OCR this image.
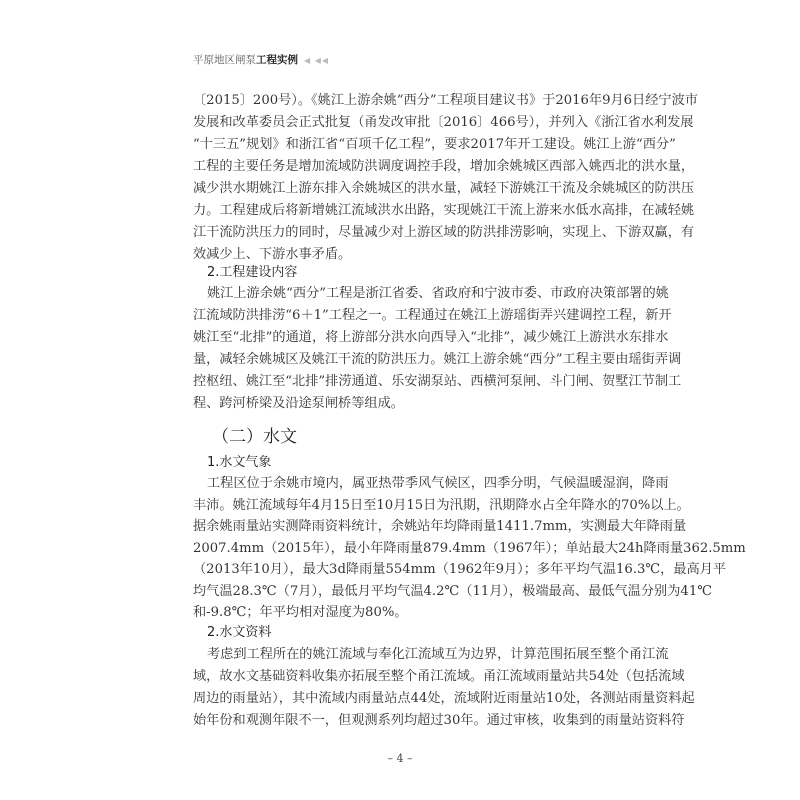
平原地区闸泵工程实例 ◀ ◀◀
〔2015〕200号）。《姚江上游余姚“西分”工程项目建议书》于2016年9月6日经宁波市
发展和改革委员会正式批复（甬发改审批〔2016〕466号），并列入《浙江省水利发展
“十三五”规划》和浙江省“百项千亿工程”，要求2017年开工建设。姚江上游“西分”
工程的主要任务是增加流域防洪调度调控手段，增加余姚城区西部入姚西北的洪水量，
减少洪水期姚江上游东排入余姚城区的洪水量，减轻下游姚江干流及余姚城区的防洪压
力。工程建成后将新增姚江流域洪水出路，实现姚江干流上游来水低水高排，在减轻姚
江干流防洪压力的同时，尽量减少对上游区域的防洪排涝影响，实现上、下游双赢，有
效减少上、下游水事矛盾。
2.工程建设内容
姚江上游余姚“西分”工程是浙江省委、省政府和宁波市委、市政府决策部署的姚
江流域防洪排涝“6＋1”工程之一。工程通过在姚江上游瑶街弄兴建调控工程，新开
姚江至“北排”的通道，将上游部分洪水向西导入“北排”，减少姚江上游洪水东排水
量，减轻余姚城区及姚江干流的防洪压力。姚江上游余姚“西分”工程主要由瑶街弄调
控枢纽、姚江至“北排”排涝通道、乐安湖泵站、西横河泵闸、斗门闸、贺墅江节制工
程、跨河桥梁及沿途泵闸桥等组成。
（二）水文
1.水文气象
工程区位于余姚市境内，属亚热带季风气候区，四季分明，气候温暖湿润，降雨
丰沛。姚江流域每年4月15日至10月15日为汛期，汛期降水占全年降水的70%以上。
据余姚雨量站实测降雨资料统计，余姚站年均降雨量1411.7mm，实测最大年降雨量
2007.4mm（2015年），最小年降雨量879.4mm（1967年）；单站最大24h降雨量362.5mm
（2013年10月），最大3d降雨量554mm（1962年9月）；多年平均气温16.3℃，最高月平
均气温28.3℃（7月），最低月平均气温4.2℃（11月），极端最高、最低气温分别为41℃
和-9.8℃；年平均相对湿度为80%。
2.水文资料
考虑到工程所在的姚江流域与奉化江流域互为边界，计算范围拓展至整个甬江流
域，故水文基础资料收集亦拓展至整个甬江流域。甬江流域雨量站共54处（包括流域
周边的雨量站），其中流域内雨量站点44处，流域附近雨量站10处，各测站雨量资料起
始年份和观测年限不一，但观测系列均超过30年。通过审核，收集到的雨量站资料符
– 4 –
